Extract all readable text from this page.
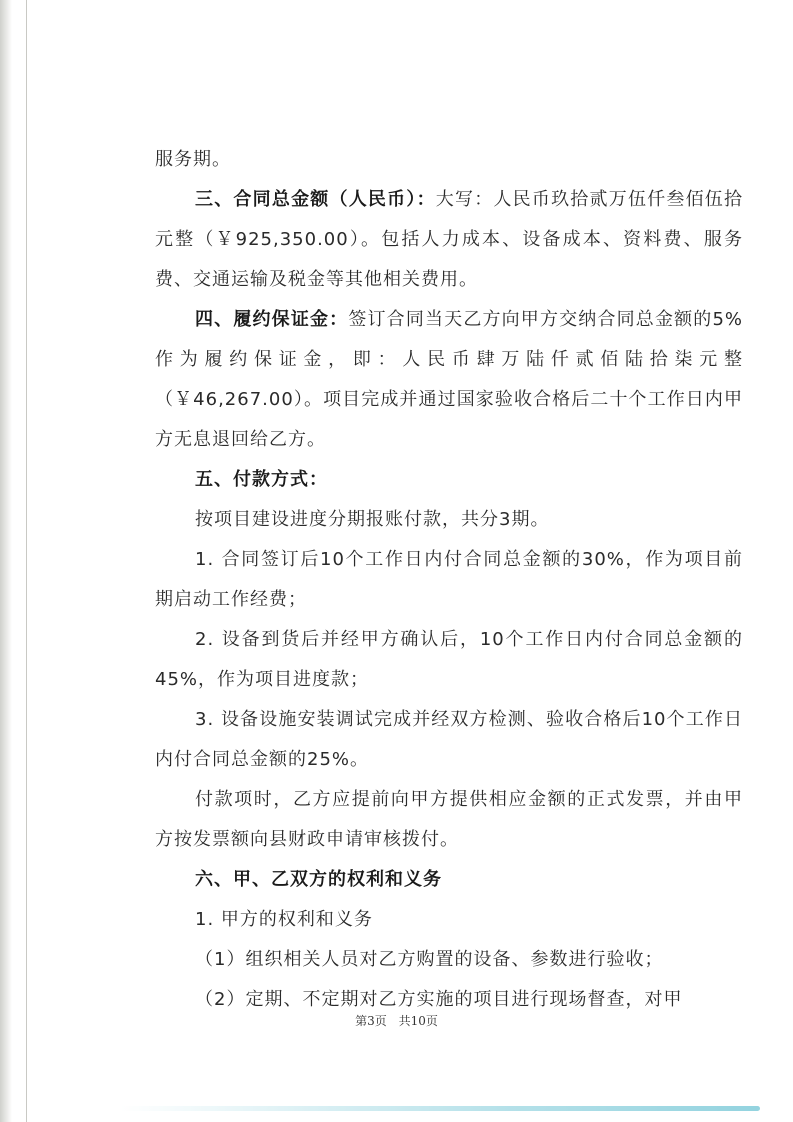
服务期。

三、合同总金额（人民币）：大写：人民币玖拾贰万伍仟叁佰伍拾元整（￥925,350.00）。包括人力成本、设备成本、资料费、服务费、交通运输及税金等其他相关费用。

四、履约保证金：签订合同当天乙方向甲方交纳合同总金额的5%作为履约保证金，即：人民币肆万陆仟贰佰陆拾柒元整（￥46,267.00）。项目完成并通过国家验收合格后二十个工作日内甲方无息退回给乙方。

五、付款方式：

按项目建设进度分期报账付款，共分3期。

1. 合同签订后10个工作日内付合同总金额的30%，作为项目前期启动工作经费；

2. 设备到货后并经甲方确认后，10个工作日内付合同总金额的45%，作为项目进度款；

3. 设备设施安装调试完成并经双方检测、验收合格后10个工作日内付合同总金额的25%。

付款项时，乙方应提前向甲方提供相应金额的正式发票，并由甲方按发票额向县财政申请审核拨付。

六、甲、乙双方的权利和义务

1. 甲方的权利和义务

（1）组织相关人员对乙方购置的设备、参数进行验收；

（2）定期、不定期对乙方实施的项目进行现场督查，对甲

第3页 共10页
